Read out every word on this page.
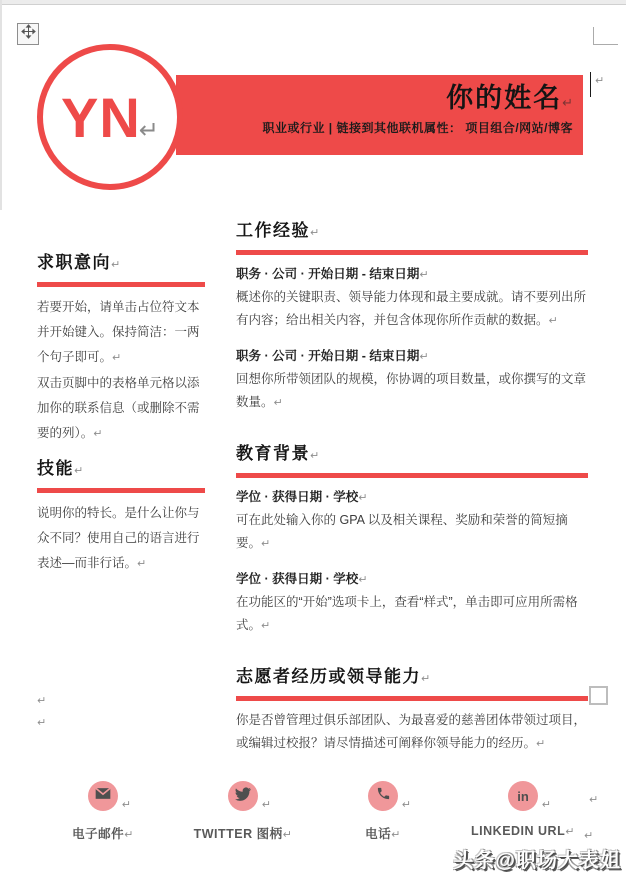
你的姓名↵
职业或行业 | 链接到其他联机属性： 项目组合/网站/博客
YN
↵
↵
求职意向↵

若要开始，请单击占位符文本并开始键入。保持简洁：一两个句子即可。↵

双击页脚中的表格单元格以添加你的联系信息（或删除不需要的列）。↵

技能↵

说明你的特长。是什么让你与众不同？使用自己的语言进行表述—而非行话。↵

工作经验↵
职务 · 公司 · 开始日期 - 结束日期↵

概述你的关键职责、领导能力体现和最主要成就。请不要列出所有内容；给出相关内容，并包含体现你所作贡献的数据。↵

职务 · 公司 · 开始日期 - 结束日期↵

回想你所带领团队的规模，你协调的项目数量，或你撰写的文章数量。↵

教育背景↵
学位 · 获得日期 · 学校↵

可在此处输入你的 GPA 以及相关课程、奖励和荣誉的简短摘要。↵

学位 · 获得日期 · 学校↵

在功能区的“开始”选项卡上，查看“样式”，单击即可应用所需格式。↵

志愿者经历或领导能力↵

你是否曾管理过俱乐部团队、为最喜爱的慈善团体带领过项目，或编辑过校报？请尽情描述可阐释你领导能力的经历。↵

↵
↵
↵
电子邮件↵
↵
TWITTER 图柄↵
↵
电话↵
in
↵
LINKEDIN URL↵
↵
↵
头条@职场大表姐
